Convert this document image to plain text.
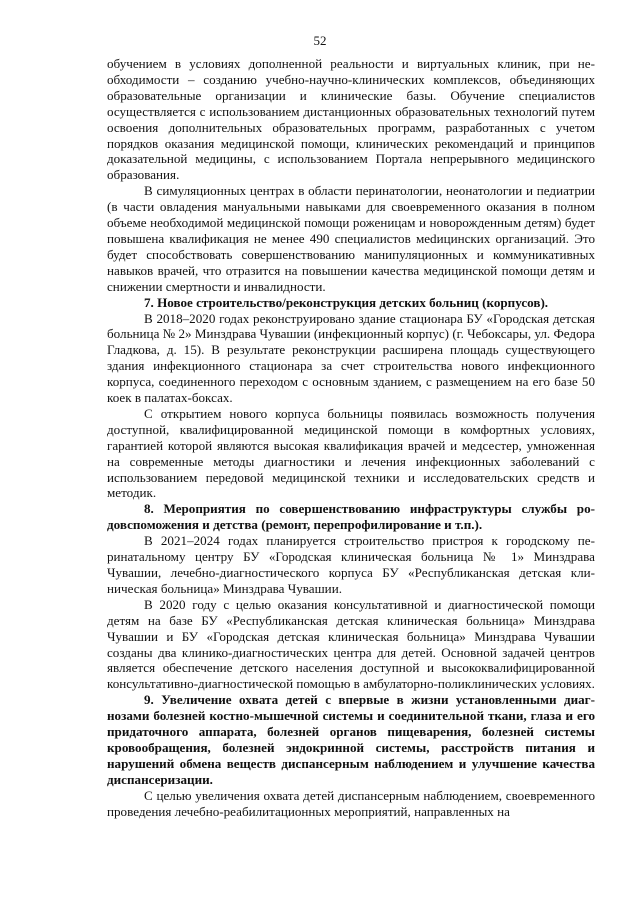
52

обучением в условиях дополненной реальности и виртуальных клиник, при необходимости – созданию учебно-научно-клинических комплексов, объединяющих образовательные организации и клинические базы. Обучение специалистов осуществляется с использованием дистанционных образовательных технологий путем освоения дополнительных образовательных программ, разработанных с учетом порядков оказания медицинской помощи, клинических рекомендаций и принципов доказательной медицины, с использованием Портала непрерывного медицинского образования.

В симуляционных центрах в области перинатологии, неонатологии и педиатрии (в части овладения мануальными навыками для своевременного оказания в полном объеме необходимой медицинской помощи роженицам и новорожденным детям) будет повышена квалификация не менее 490 специалистов меdицинских организаций. Это будет способствовать совершенствованию манипуляционных и коммуникативных навыков врачей, что отразится на повышении качества медицинской помощи детям и снижении смертности и инвалидности.

7. Новое строительство/реконструкция детских больниц (корпусов).

В 2018–2020 годах реконструировано здание стационара БУ «Городская детская больница № 2» Минздрава Чувашии (инфекционный корпус) (г. Чебоксары, ул. Федора Гладкова, д. 15). В результате реконструкции расширена площадь существующего здания инфекционного стационара за счет строительства нового инфекционного корпуса, соединенного переходом с основным зданием, с размещением на его базе 50 коек в палатах-боксах.

С открытием нового корпуса больницы появилась возможность получения доступной, квалифицированной медицинской помощи в комфортных условиях, гарантией которой являются высокая квалификация врачей и медсестер, умноженная на современные методы диагностики и лечения инфекционных заболеваний с использованием передовой медицинской техники и исследовательских средств и методик.

8. Мероприятия по совершенствованию инфраструктуры службы родовспоможения и детства (ремонт, перепрофилирование и т.п.).

В 2021–2024 годах планируется строительство пристроя к городскому перинатальному центру БУ «Городская клиническая больница № 1» Минздрава Чувашии, лечебно-диагностического корпуса БУ «Республиканская детская клиническая больница» Минздрава Чувашии.

В 2020 году с целью оказания консультативной и диагностической помощи детям на базе БУ «Республиканская детская клиническая больница» Минздрава Чувашии и БУ «Городская детская клиническая больница» Минздрава Чувашии созданы два клинико-диагностических центра для детей. Основной задачей центров является обеспечение детского населения доступной и высококвалифицированной консультативно-диагностической помощью в амбулаторно-поликлинических условиях.

9. Увеличение охвата детей с впервые в жизни установленными диагнозами болезней костно-мышечной системы и соединительной ткани, глаза и его придаточного аппарата, болезней органов пищеварения, болезней системы кровообращения, болезней эндокринной системы, расстройств питания и нарушений обмена веществ диспансерным наблюдением и улучшение качества диспансеризации.

С целью увеличения охвата детей диспансерным наблюдением, своевременного проведения лечебно-реабилитационных мероприятий, направленных на
